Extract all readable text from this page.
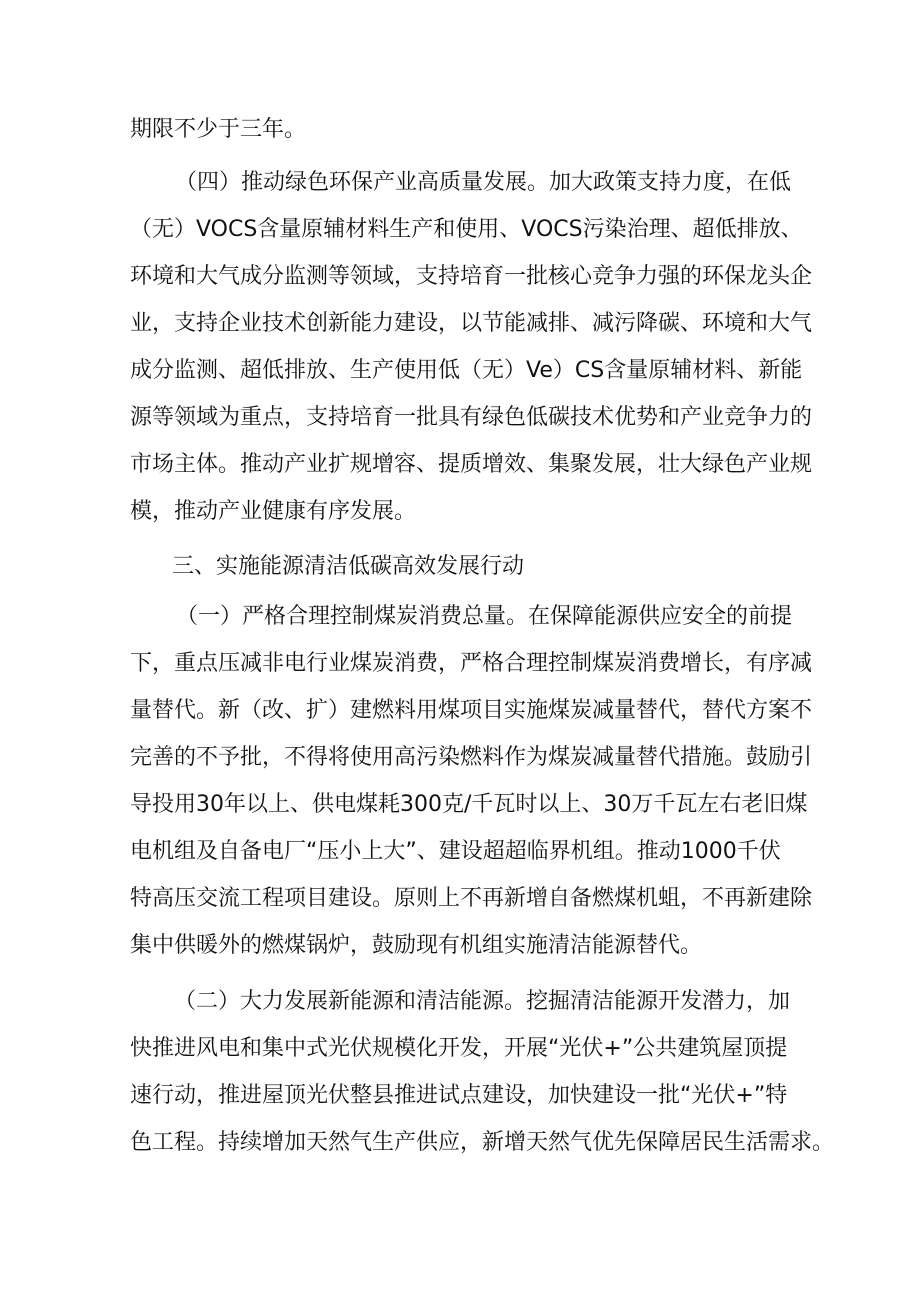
期限不少于三年。
（四）推动绿色环保产业高质量发展。加大政策支持力度，在低
（无）VOCS含量原辅材料生产和使用、VOCS污染治理、超低排放、
环境和大气成分监测等领域，支持培育一批核心竞争力强的环保龙头企
业，支持企业技术创新能力建设，以节能减排、减污降碳、环境和大气
成分监测、超低排放、生产使用低（无）Ve）CS含量原辅材料、新能
源等领域为重点，支持培育一批具有绿色低碳技术优势和产业竞争力的
市场主体。推动产业扩规增容、提质增效、集聚发展，壮大绿色产业规
模，推动产业健康有序发展。
三、实施能源清洁低碳高效发展行动
（一）严格合理控制煤炭消费总量。在保障能源供应安全的前提
下，重点压减非电行业煤炭消费，严格合理控制煤炭消费增长，有序减
量替代。新（改、扩）建燃料用煤项目实施煤炭减量替代，替代方案不
完善的不予批，不得将使用高污染燃料作为煤炭减量替代措施。鼓励引
导投用30年以上、供电煤耗300克/千瓦时以上、30万千瓦左右老旧煤
电机组及自备电厂“压小上大”、建设超超临界机组。推动1000千伏
特高压交流工程项目建设。原则上不再新增自备燃煤机蛆，不再新建除
集中供暖外的燃煤锅炉，鼓励现有机组实施清洁能源替代。
（二）大力发展新能源和清洁能源。挖掘清洁能源开发潜力，加
快推进风电和集中式光伏规模化开发，开展“光伏+”公共建筑屋顶提
速行动，推进屋顶光伏整县推进试点建设，加快建设一批“光伏+”特
色工程。持续增加天然气生产供应，新增天然气优先保障居民生活需求。
